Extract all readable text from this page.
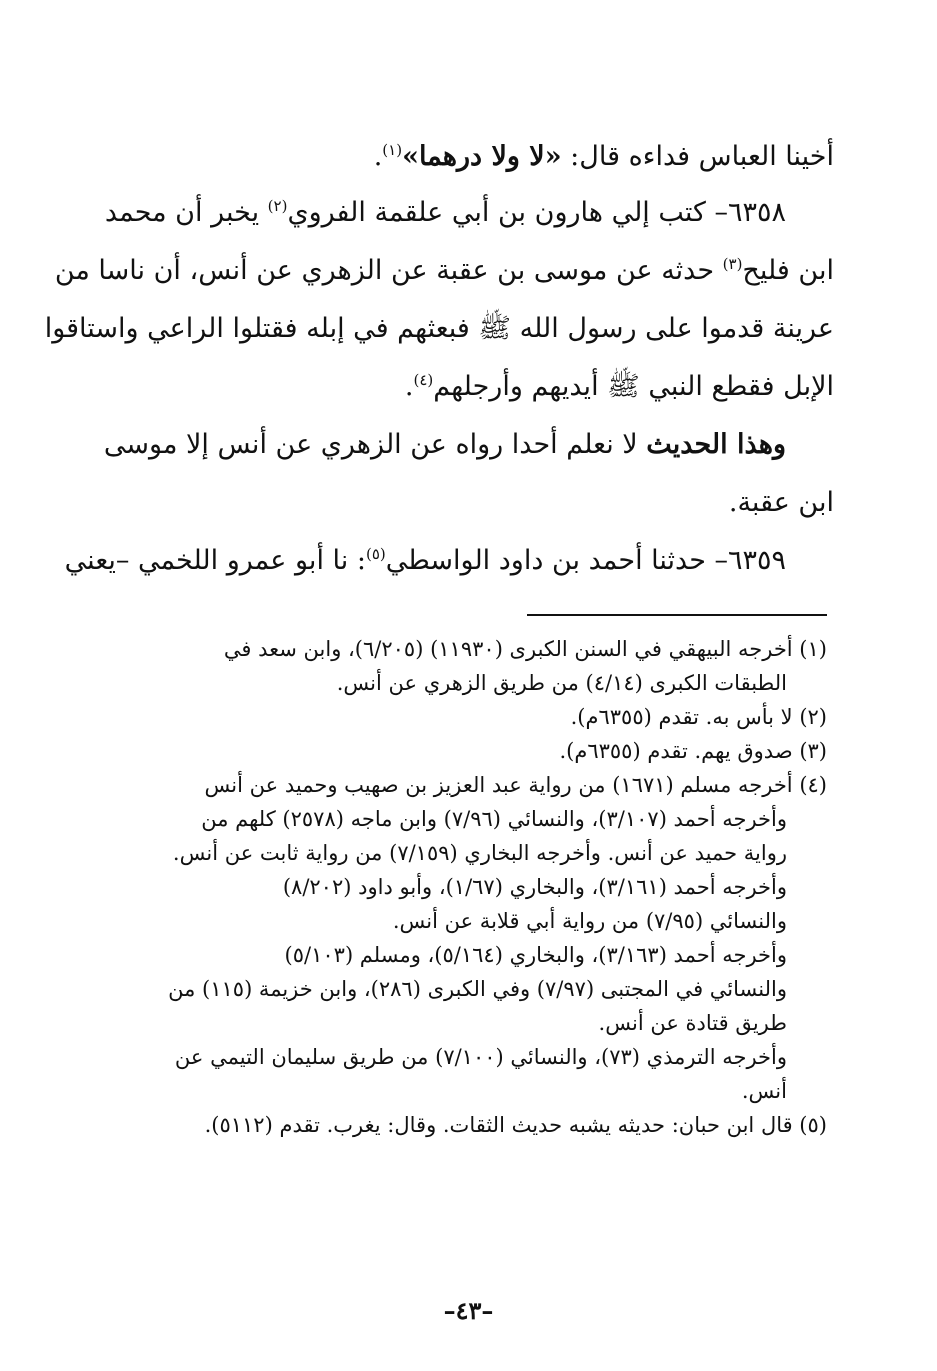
أخينا العباس فداءه قال: «لا ولا درهما»$^{(١)}$.
٦٣٥٨– كتب إلي هارون بن أبي علقمة الفروي$^{(٢)}$ يخبر أن محمد
ابن فليح$^{(٣)}$ حدثه عن موسى بن عقبة عن الزهري عن أنس، أن ناسا من
عرينة قدموا على رسول الله ﷺ فبعثهم في إبله فقتلوا الراعي واستاقوا
الإبل فقطع النبي ﷺ أيديهم وأرجلهم$^{(٤)}$.
وهذا الحديث لا نعلم أحدا رواه عن الزهري عن أنس إلا موسى
ابن عقبة.
٦٣٥٩– حدثنا أحمد بن داود الواسطي$^{(٥)}$: نا أبو عمرو اللخمي –يعني
(١) أخرجه البيهقي في السنن الكبرى (١١٩٣٠) (٦/٢٠٥)، وابن سعد في
الطبقات الكبرى (٤/١٤) من طريق الزهري عن أنس.
(٢) لا بأس به. تقدم (٦٣٥٥م).
(٣) صدوق يهم. تقدم (٦٣٥٥م).
(٤) أخرجه مسلم (١٦٧١) من رواية عبد العزيز بن صهيب وحميد عن أنس
وأخرجه أحمد (٣/١٠٧)، والنسائي (٧/٩٦) وابن ماجه (٢٥٧٨) كلهم من
رواية حميد عن أنس. وأخرجه البخاري (٧/١٥٩) من رواية ثابت عن أنس.
وأخرجه أحمد (٣/١٦١)، والبخاري (١/٦٧)، وأبو داود (٨/٢٠٢)
والنسائي (٧/٩٥) من رواية أبي قلابة عن أنس.
وأخرجه أحمد (٣/١٦٣)، والبخاري (٥/١٦٤)، ومسلم (٥/١٠٣)
والنسائي في المجتبى (٧/٩٧) وفي الكبرى (٢٨٦)، وابن خزيمة (١١٥) من
طريق قتادة عن أنس.
وأخرجه الترمذي (٧٣)، والنسائي (٧/١٠٠) من طريق سليمان التيمي عن
أنس.
(٥) قال ابن حبان: حديثه يشبه حديث الثقات. وقال: يغرب. تقدم (٥١١٢).
–٤٣–
